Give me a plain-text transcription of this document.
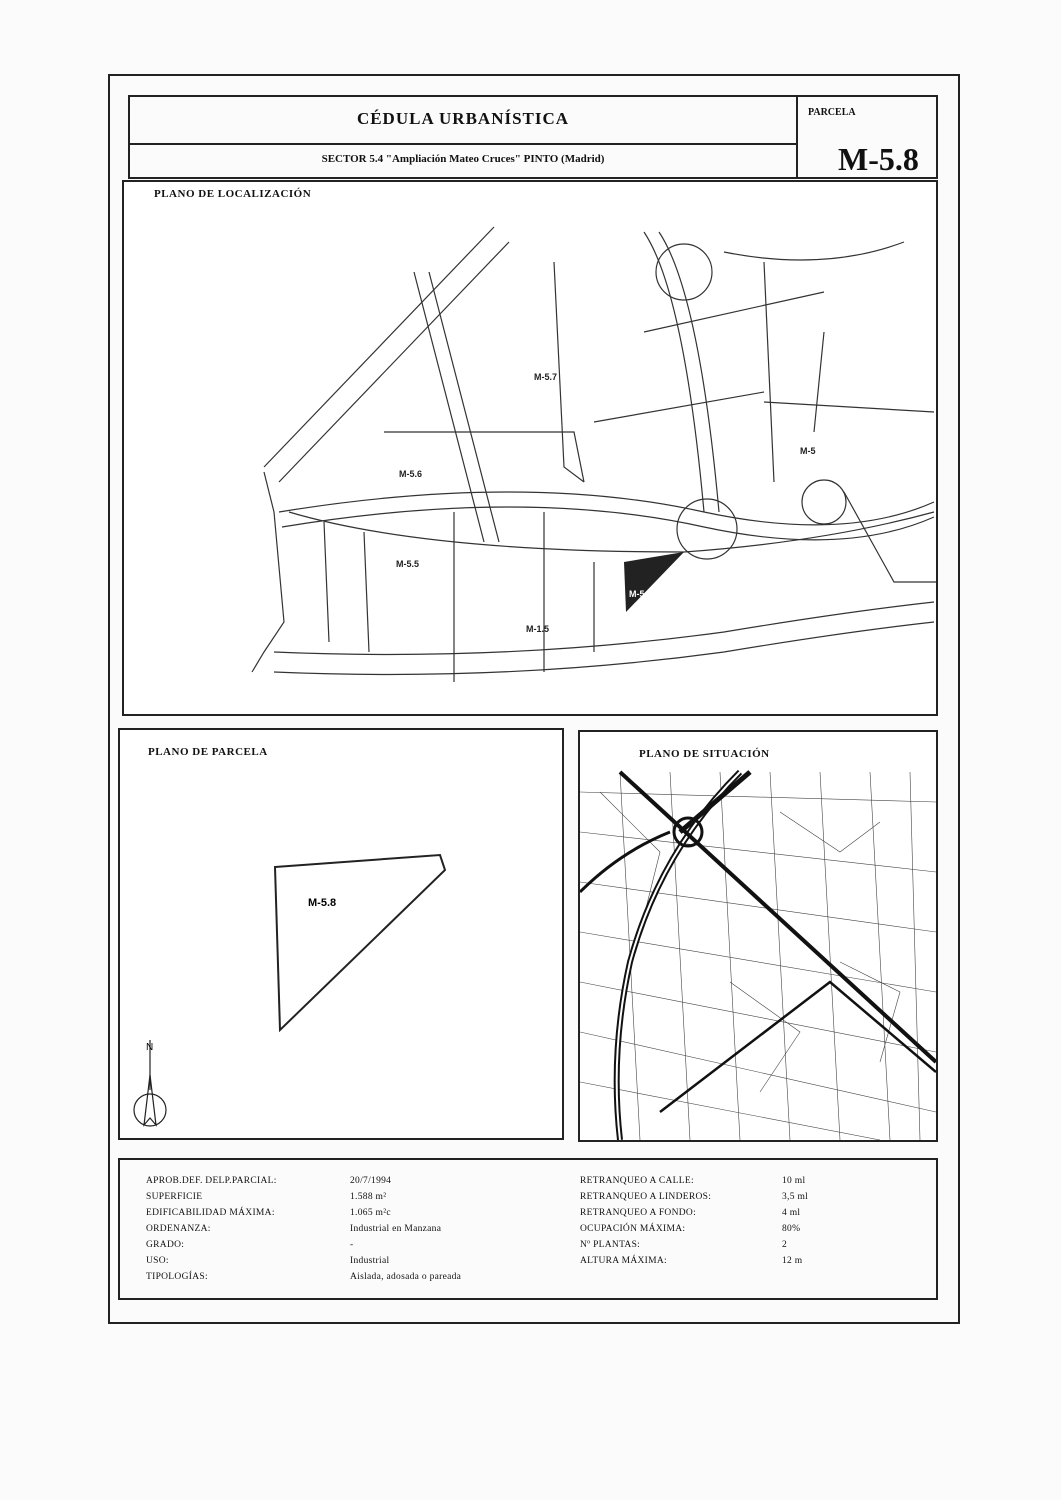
CÉDULA URBANÍSTICA
SECTOR 5.4 "Ampliación Mateo Cruces" PINTO (Madrid)
PARCELA
M-5.8
PLANO DE LOCALIZACIÓN
M-5.7
M-5.6
M-5.5
M-5
M-1.5
M-5.8
PLANO DE PARCELA
M-5.8
N
PLANO DE SITUACIÓN
APROB.DEF. DELP.PARCIAL:	20/7/1994
SUPERFICIE	1.588 m²
EDIFICABILIDAD MÁXIMA:	1.065 m²c
ORDENANZA:	Industrial en Manzana
GRADO:	-
USO:	Industrial
TIPOLOGÍAS:	Aislada, adosada o pareada
RETRANQUEO A CALLE:	10 ml
RETRANQUEO A LINDEROS:	3,5 ml
RETRANQUEO A FONDO:	4 ml
OCUPACIÓN MÁXIMA:	80%
Nº PLANTAS:	2
ALTURA MÁXIMA:	12 m
